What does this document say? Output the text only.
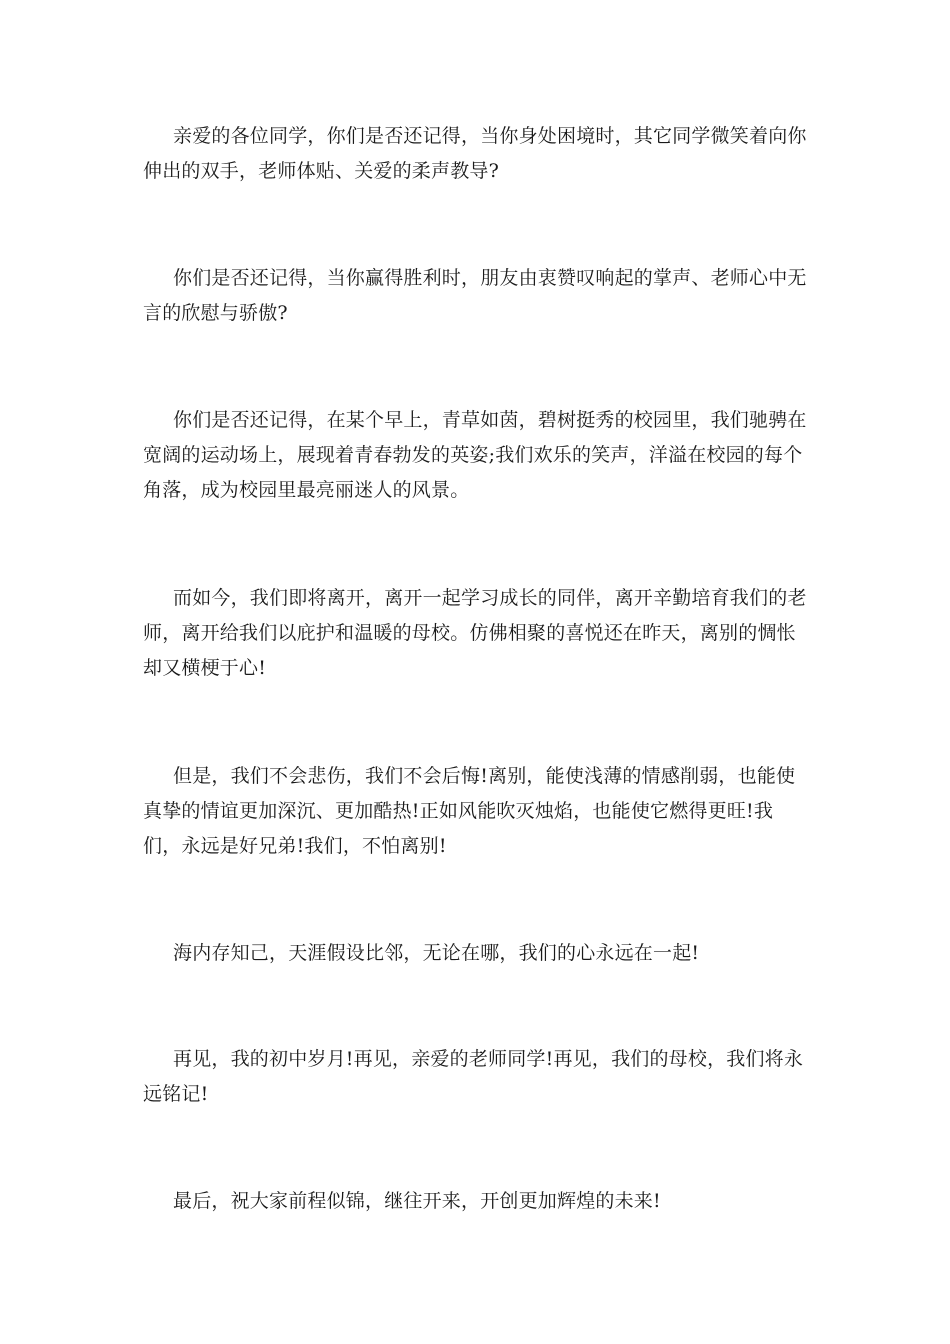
亲爱的各位同学，你们是否还记得，当你身处困境时，其它同学微笑着向你伸出的双手，老师体贴、关爱的柔声教导?

你们是否还记得，当你赢得胜利时，朋友由衷赞叹响起的掌声、老师心中无言的欣慰与骄傲?

你们是否还记得，在某个早上，青草如茵，碧树挺秀的校园里，我们驰骋在宽阔的运动场上，展现着青春勃发的英姿;我们欢乐的笑声，洋溢在校园的每个角落，成为校园里最亮丽迷人的风景。

而如今，我们即将离开，离开一起学习成长的同伴，离开辛勤培育我们的老师，离开给我们以庇护和温暖的母校。仿佛相聚的喜悦还在昨天，离别的惆怅却又横梗于心!

但是，我们不会悲伤，我们不会后悔!离别，能使浅薄的情感削弱，也能使真挚的情谊更加深沉、更加酷热!正如风能吹灭烛焰，也能使它燃得更旺!我们，永远是好兄弟!我们，不怕离别!

海内存知己，天涯假设比邻，无论在哪，我们的心永远在一起!

再见，我的初中岁月!再见，亲爱的老师同学!再见，我们的母校，我们将永远铭记!

最后，祝大家前程似锦，继往开来，开创更加辉煌的未来!
